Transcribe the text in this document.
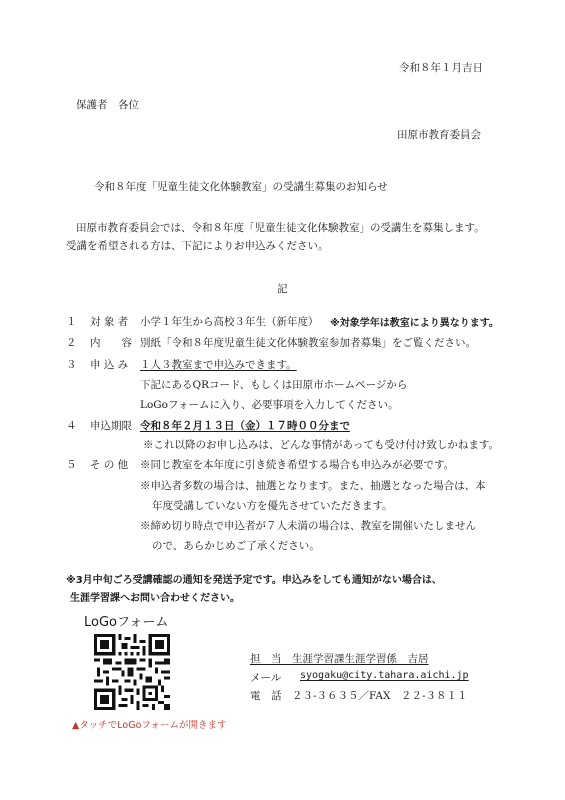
令和８年１月吉日
保護者　各位
田原市教育委員会
令和８年度「児童生徒文化体験教室」の受講生募集のお知らせ
田原市教育委員会では、令和８年度「児童生徒文化体験教室」の受講生を募集します。
受講を希望される方は、下記によりお申込みください。
記
１ 対 象 者 小学１年生から高校３年生（新年度） ※対象学年は教室により異なります。
２ 内　　容 別紙「令和８年度児童生徒文化体験教室参加者募集」をご覧ください。
３ 申 込 み １人３教室まで申込みできます。
下記にあるQRコード、もしくは田原市ホームページから
LoGoフォームに入り、必要事項を入力してください。
４ 申込期限 令和８年２月１３日（金）１７時００分まで
※これ以降のお申し込みは、どんな事情があっても受け付け致しかねます。
５ そ の 他 ※同じ教室を本年度に引き続き希望する場合も申込みが必要です。
※申込者多数の場合は、抽選となります。また、抽選となった場合は、本
年度受講していない方を優先させていただきます。
※締め切り時点で申込者が７人未満の場合は、教室を開催いたしません
ので、あらかじめご了承ください。
※3月中旬ごろ受講確認の通知を発送予定です。申込みをしても通知がない場合は、
生涯学習課へお問い合わせください。
LoGoフォーム
▲タッチでLoGoフォームが開きます
担　当　生涯学習課生涯学習係　吉居
メール syogaku@city.tahara.aichi.jp
電　話　２３-３６３５／FAX　２２-３８１１
